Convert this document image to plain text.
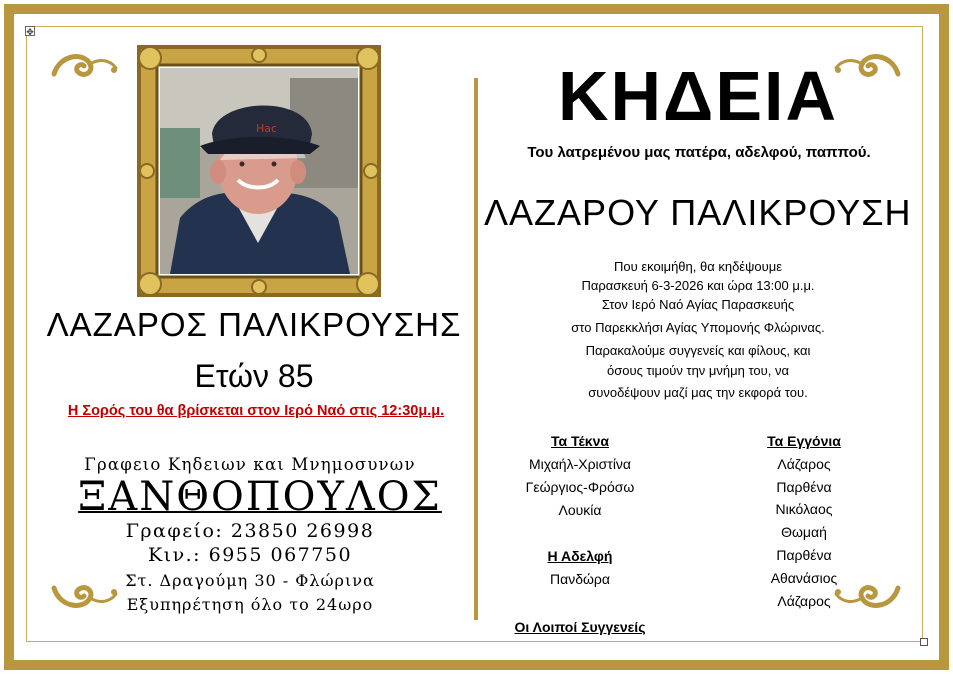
✥
Hac
ΛΑΖΑΡΟΣ ΠΑΛΙΚΡΟΥΣΗΣ
Ετών 85
Η Σορός του θα βρίσκεται στον Ιερό Ναό στις 12:30μ.μ.
Γραφειο Κηδειων και Μνημοσυνων
ΞΑΝΘΟΠΟΥΛΟΣ
Γραφείο: 23850 26998
Κιν.: 6955 067750
Στ. Δραγούμη 30 - Φλώρινα
Εξυπηρέτηση όλο το 24ωρο
ΚΗΔΕΙΑ
Του λατρεμένου μας πατέρα, αδελφού, παππού.
ΛΑΖΑΡΟΥ ΠΑΛΙΚΡΟΥΣΗ
Που εκοιμήθη, θα κηδέψουμε
Παρασκευή 6-3-2026 και ώρα 13:00 μ.μ.
Στον Ιερό Ναό Αγίας Παρασκευής
στο Παρεκκλήσι Αγίας Υπομονής Φλώρινας.
Παρακαλούμε συγγενείς και φίλους, και
όσους τιμούν την μνήμη του, να
συνοδέψουν μαζί μας την εκφορά του.
Τα Τέκνα
Μιχαήλ-Χριστίνα
Γεώργιος-Φρόσω
Λουκία
Η Αδελφή
Πανδώρα
Οι Λοιποί Συγγενείς
Τα Εγγόνια
Λάζαρος
Παρθένα
Νικόλαος
Θωμαή
Παρθένα
Αθανάσιος
Λάζαρος
